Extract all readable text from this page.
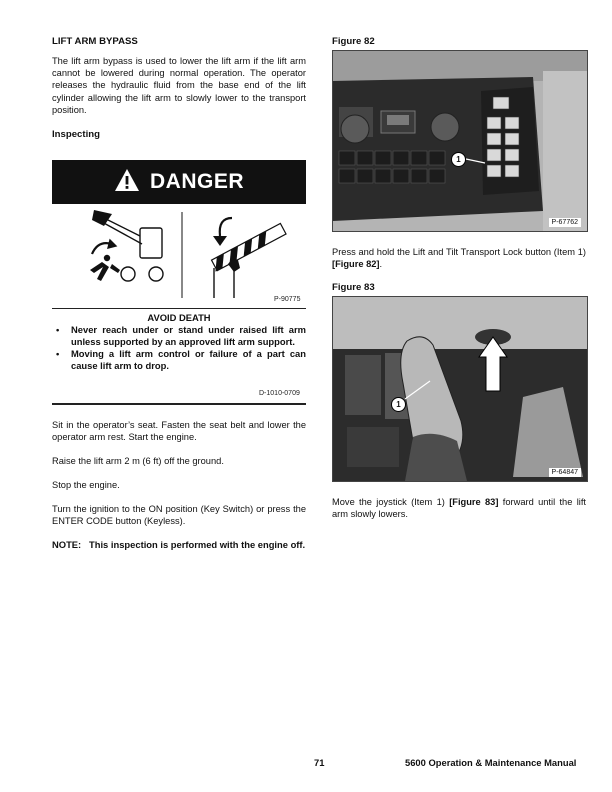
LIFT ARM BYPASS

The lift arm bypass is used to lower the lift arm if the lift arm cannot be lowered during normal operation. The operator releases the hydraulic fluid from the base end of the lift cylinder allowing the lift arm to slowly lower to the transport position.

Inspecting
DANGER
P-90775
AVOID DEATH
• Never reach under or stand under raised lift arm unless supported by an approved lift arm support.
• Moving a lift arm control or failure of a part can cause lift arm to drop.
D-1010-0709

Sit in the operator’s seat. Fasten the seat belt and lower the operator arm rest. Start the engine.

Raise the lift arm 2 m (6 ft) off the ground.

Stop the engine.

Turn the ignition to the ON position (Key Switch) or press the ENTER CODE button (Keyless).

NOTE: This inspection is performed with the engine off.
Figure 82
1
P-67762

Press and hold the Lift and Tilt Transport Lock button (Item 1) [Figure 82].

Figure 83
1
P-64847

Move the joystick (Item 1) [Figure 83] forward until the lift arm slowly lowers.

71	5600 Operation & Maintenance Manual
